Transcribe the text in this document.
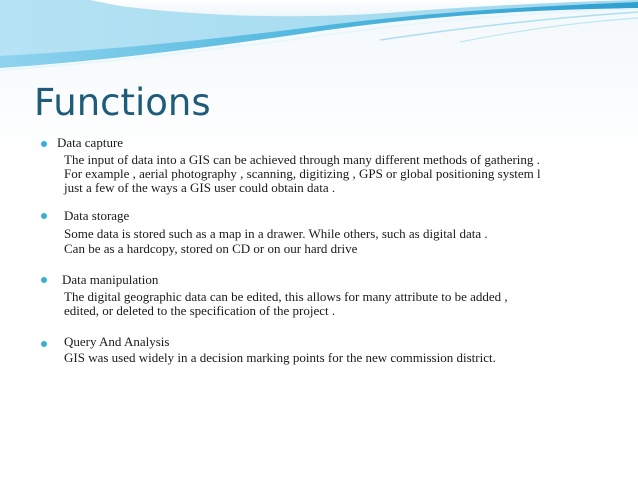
Functions
Data capture
The input of data into a GIS can be achieved through many different methods of gathering .
For example , aerial photography , scanning, digitizing , GPS or global positioning system l
just a few of the ways a GIS user could obtain data .
Data storage
Some data is stored such as a map in a drawer. While others, such as digital data .
Can be as a hardcopy, stored on CD or on our hard drive
Data manipulation
The digital geographic data can be edited, this allows for many attribute to be added ,
edited, or deleted to the specification of the project .
Query And Analysis
GIS was used widely in a decision marking points for the new commission district.
